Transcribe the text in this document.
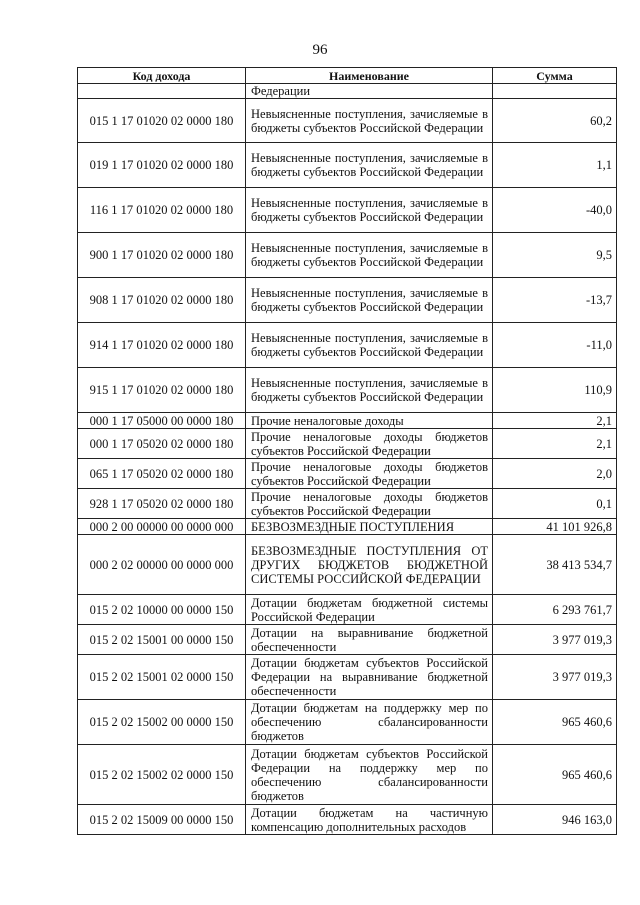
96
Код дохода	Наименование	Сумма
	Федерации	
015 1 17 01020 02 0000 180	Невыясненные поступления, зачисляемые в бюджеты субъектов Российской Федерации	60,2
019 1 17 01020 02 0000 180	Невыясненные поступления, зачисляемые в бюджеты субъектов Российской Федерации	1,1
116 1 17 01020 02 0000 180	Невыясненные поступления, зачисляемые в бюджеты субъектов Российской Федерации	-40,0
900 1 17 01020 02 0000 180	Невыясненные поступления, зачисляемые в бюджеты субъектов Российской Федерации	9,5
908 1 17 01020 02 0000 180	Невыясненные поступления, зачисляемые в бюджеты субъектов Российской Федерации	-13,7
914 1 17 01020 02 0000 180	Невыясненные поступления, зачисляемые в бюджеты субъектов Российской Федерации	-11,0
915 1 17 01020 02 0000 180	Невыясненные поступления, зачисляемые в бюджеты субъектов Российской Федерации	110,9
000 1 17 05000 00 0000 180	Прочие неналоговые доходы	2,1
000 1 17 05020 02 0000 180	Прочие неналоговые доходы бюджетов субъектов Российской Федерации	2,1
065 1 17 05020 02 0000 180	Прочие неналоговые доходы бюджетов субъектов Российской Федерации	2,0
928 1 17 05020 02 0000 180	Прочие неналоговые доходы бюджетов субъектов Российской Федерации	0,1
000 2 00 00000 00 0000 000	БЕЗВОЗМЕЗДНЫЕ ПОСТУПЛЕНИЯ	41 101 926,8
000 2 02 00000 00 0000 000	БЕЗВОЗМЕЗДНЫЕ ПОСТУПЛЕНИЯ ОТ ДРУГИХ БЮДЖЕТОВ БЮДЖЕТНОЙ СИСТЕМЫ РОССИЙСКОЙ ФЕДЕРАЦИИ	38 413 534,7
015 2 02 10000 00 0000 150	Дотации бюджетам бюджетной системы Российской Федерации	6 293 761,7
015 2 02 15001 00 0000 150	Дотации на выравнивание бюджетной обеспеченности	3 977 019,3
015 2 02 15001 02 0000 150	Дотации бюджетам субъектов Российской Федерации на выравнивание бюджетной обеспеченности	3 977 019,3
015 2 02 15002 00 0000 150	Дотации бюджетам на поддержку мер по обеспечению сбалансированности бюджетов	965 460,6
015 2 02 15002 02 0000 150	Дотации бюджетам субъектов Российской Федерации на поддержку мер по обеспечению сбалансированности бюджетов	965 460,6
015 2 02 15009 00 0000 150	Дотации бюджетам на частичную компенсацию дополнительных расходов	946 163,0
